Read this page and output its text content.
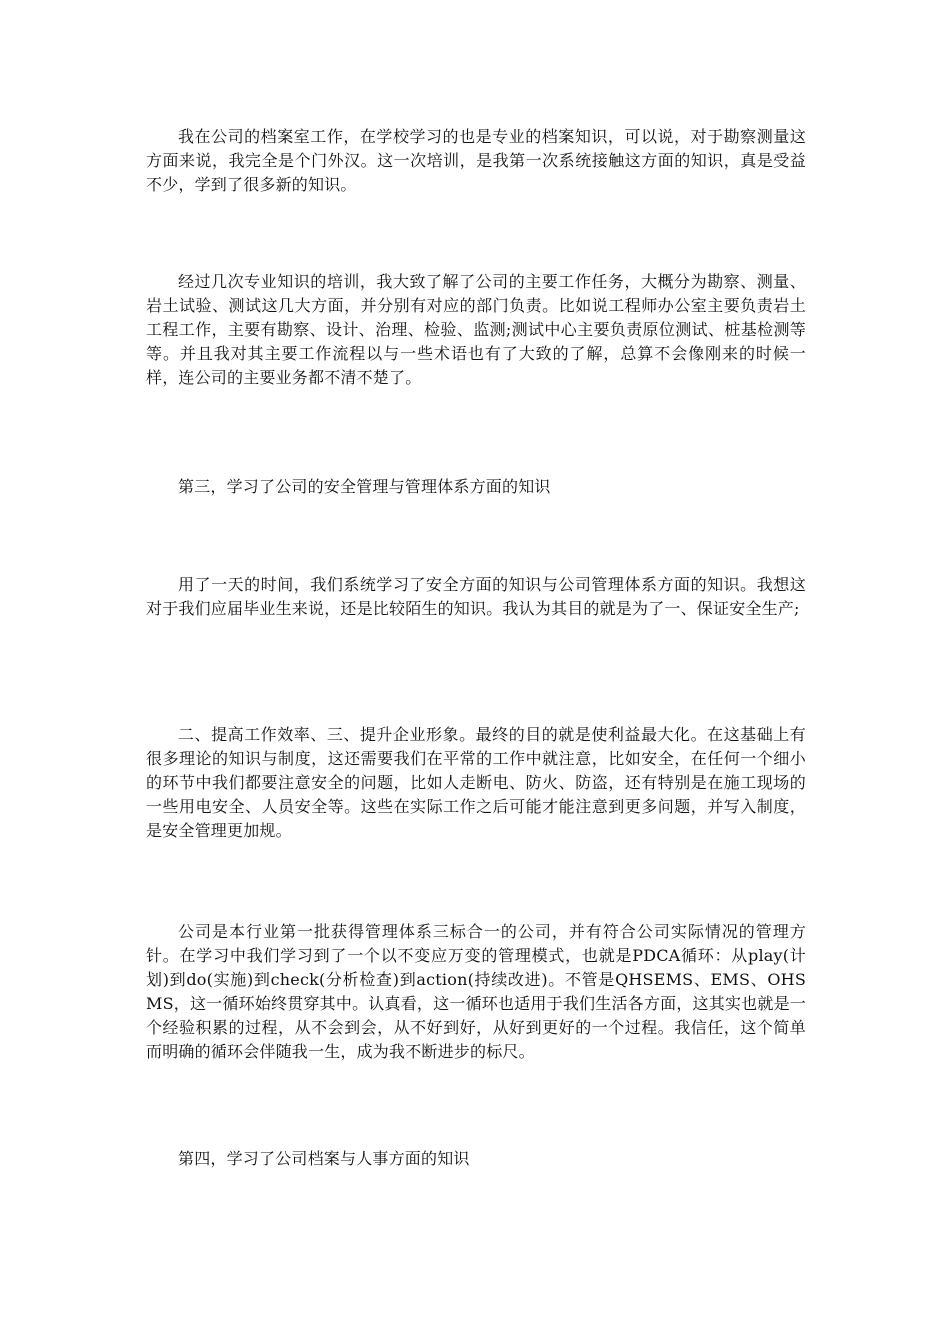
我在公司的档案室工作，在学校学习的也是专业的档案知识，可以说，对于勘察测量这方面来说，我完全是个门外汉。这一次培训，是我第一次系统接触这方面的知识，真是受益不少，学到了很多新的知识。

经过几次专业知识的培训，我大致了解了公司的主要工作任务，大概分为勘察、测量、岩土试验、测试这几大方面，并分别有对应的部门负责。比如说工程师办公室主要负责岩土工程工作，主要有勘察、设计、治理、检验、监测;测试中心主要负责原位测试、桩基检测等等。并且我对其主要工作流程以与一些术语也有了大致的了解，总算不会像刚来的时候一样，连公司的主要业务都不清不楚了。

第三，学习了公司的安全管理与管理体系方面的知识

用了一天的时间，我们系统学习了安全方面的知识与公司管理体系方面的知识。我想这对于我们应届毕业生来说，还是比较陌生的知识。我认为其目的就是为了一、保证安全生产;

二、提高工作效率、三、提升企业形象。最终的目的就是使利益最大化。在这基础上有很多理论的知识与制度，这还需要我们在平常的工作中就注意，比如安全，在任何一个细小的环节中我们都要注意安全的问题，比如人走断电、防火、防盗，还有特别是在施工现场的一些用电安全、人员安全等。这些在实际工作之后可能才能注意到更多问题，并写入制度，是安全管理更加规。

公司是本行业第一批获得管理体系三标合一的公司，并有符合公司实际情况的管理方针。在学习中我们学习到了一个以不变应万变的管理模式，也就是PDCA循环：从play(计划)到do(实施)到check(分析检查)到action(持续改进)。不管是QHSEMS、EMS、OHSMS，这一循环始终贯穿其中。认真看，这一循环也适用于我们生活各方面，这其实也就是一个经验积累的过程，从不会到会，从不好到好，从好到更好的一个过程。我信任，这个简单而明确的循环会伴随我一生，成为我不断进步的标尺。

第四，学习了公司档案与人事方面的知识
